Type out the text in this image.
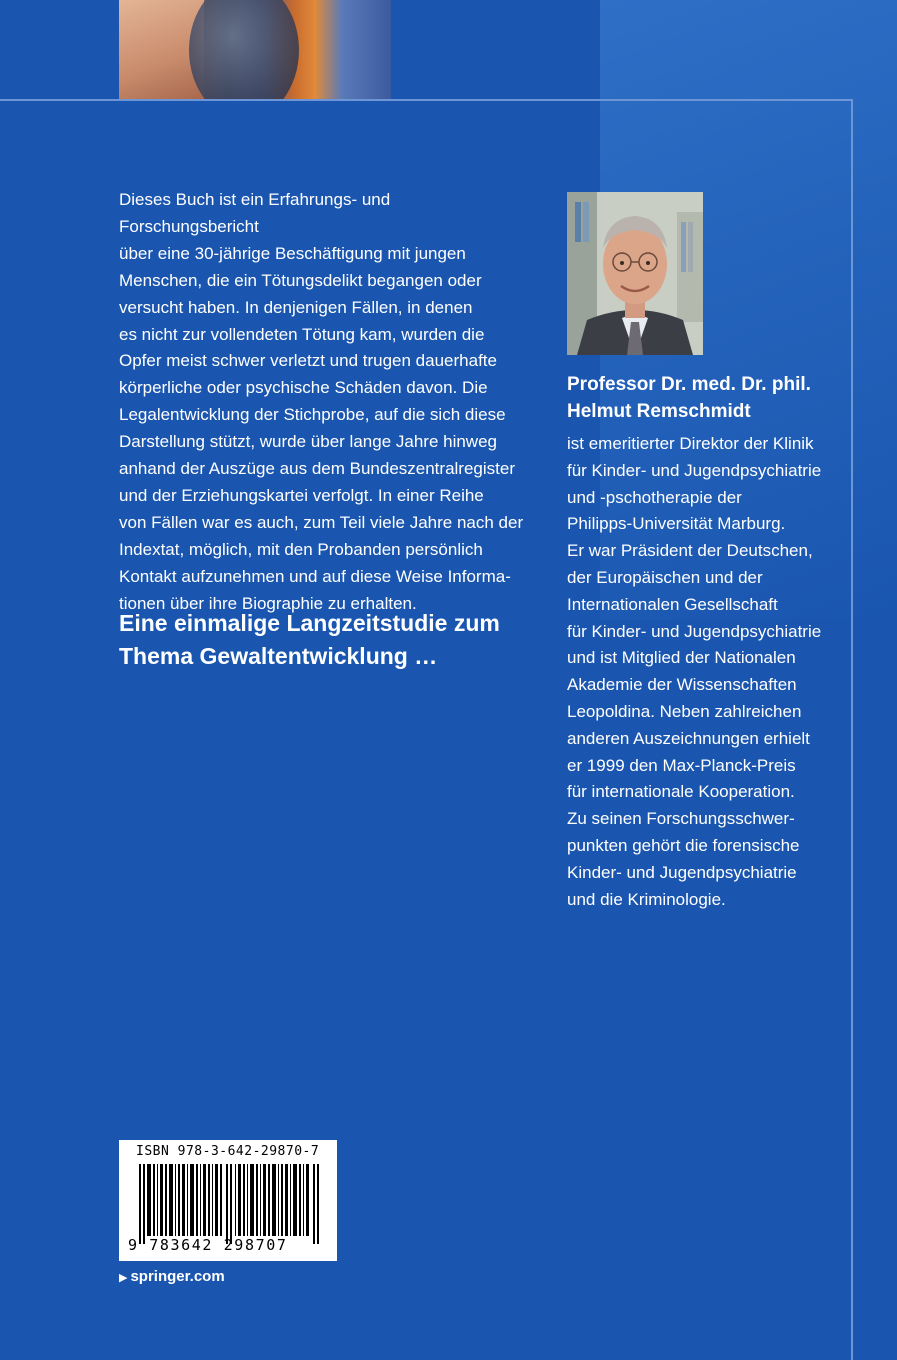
Dieses Buch ist ein Erfahrungs- und Forschungsbericht
über eine 30-jährige Beschäftigung mit jungen
Menschen, die ein Tötungsdelikt begangen oder
versucht haben. In denjenigen Fällen, in denen
es nicht zur vollendeten Tötung kam, wurden die
Opfer meist schwer verletzt und trugen dauerhafte
körperliche oder psychische Schäden davon. Die
Legalentwicklung der Stichprobe, auf die sich diese
Darstellung stützt, wurde über lange Jahre hinweg
anhand der Auszüge aus dem Bundeszentralregister
und der Erziehungskartei verfolgt. In einer Reihe
von Fällen war es auch, zum Teil viele Jahre nach der
Indextat, möglich, mit den Probanden persönlich
Kontakt aufzunehmen und auf diese Weise Informa-
tionen über ihre Biographie zu erhalten.
Eine einmalige Langzeitstudie zum
Thema Gewaltentwicklung …
Professor Dr. med. Dr. phil.
Helmut Remschmidt
ist emeritierter Direktor der Klinik
für Kinder- und Jugendpsychiatrie
und -pschotherapie der
Philipps-Universität Marburg.
Er war Präsident der Deutschen,
der Europäischen und der
Internationalen Gesellschaft
für Kinder- und Jugendpsychiatrie
und ist Mitglied der Nationalen
Akademie der Wissenschaften
Leopoldina. Neben zahlreichen
anderen Auszeichnungen erhielt
er 1999 den Max-Planck-Preis
für internationale Kooperation.
Zu seinen Forschungsschwer-
punkten gehört die forensische
Kinder- und Jugendpsychiatrie
und die Kriminologie.
ISBN 978-3-642-29870-7
9 783642 298707
▶ springer.com
